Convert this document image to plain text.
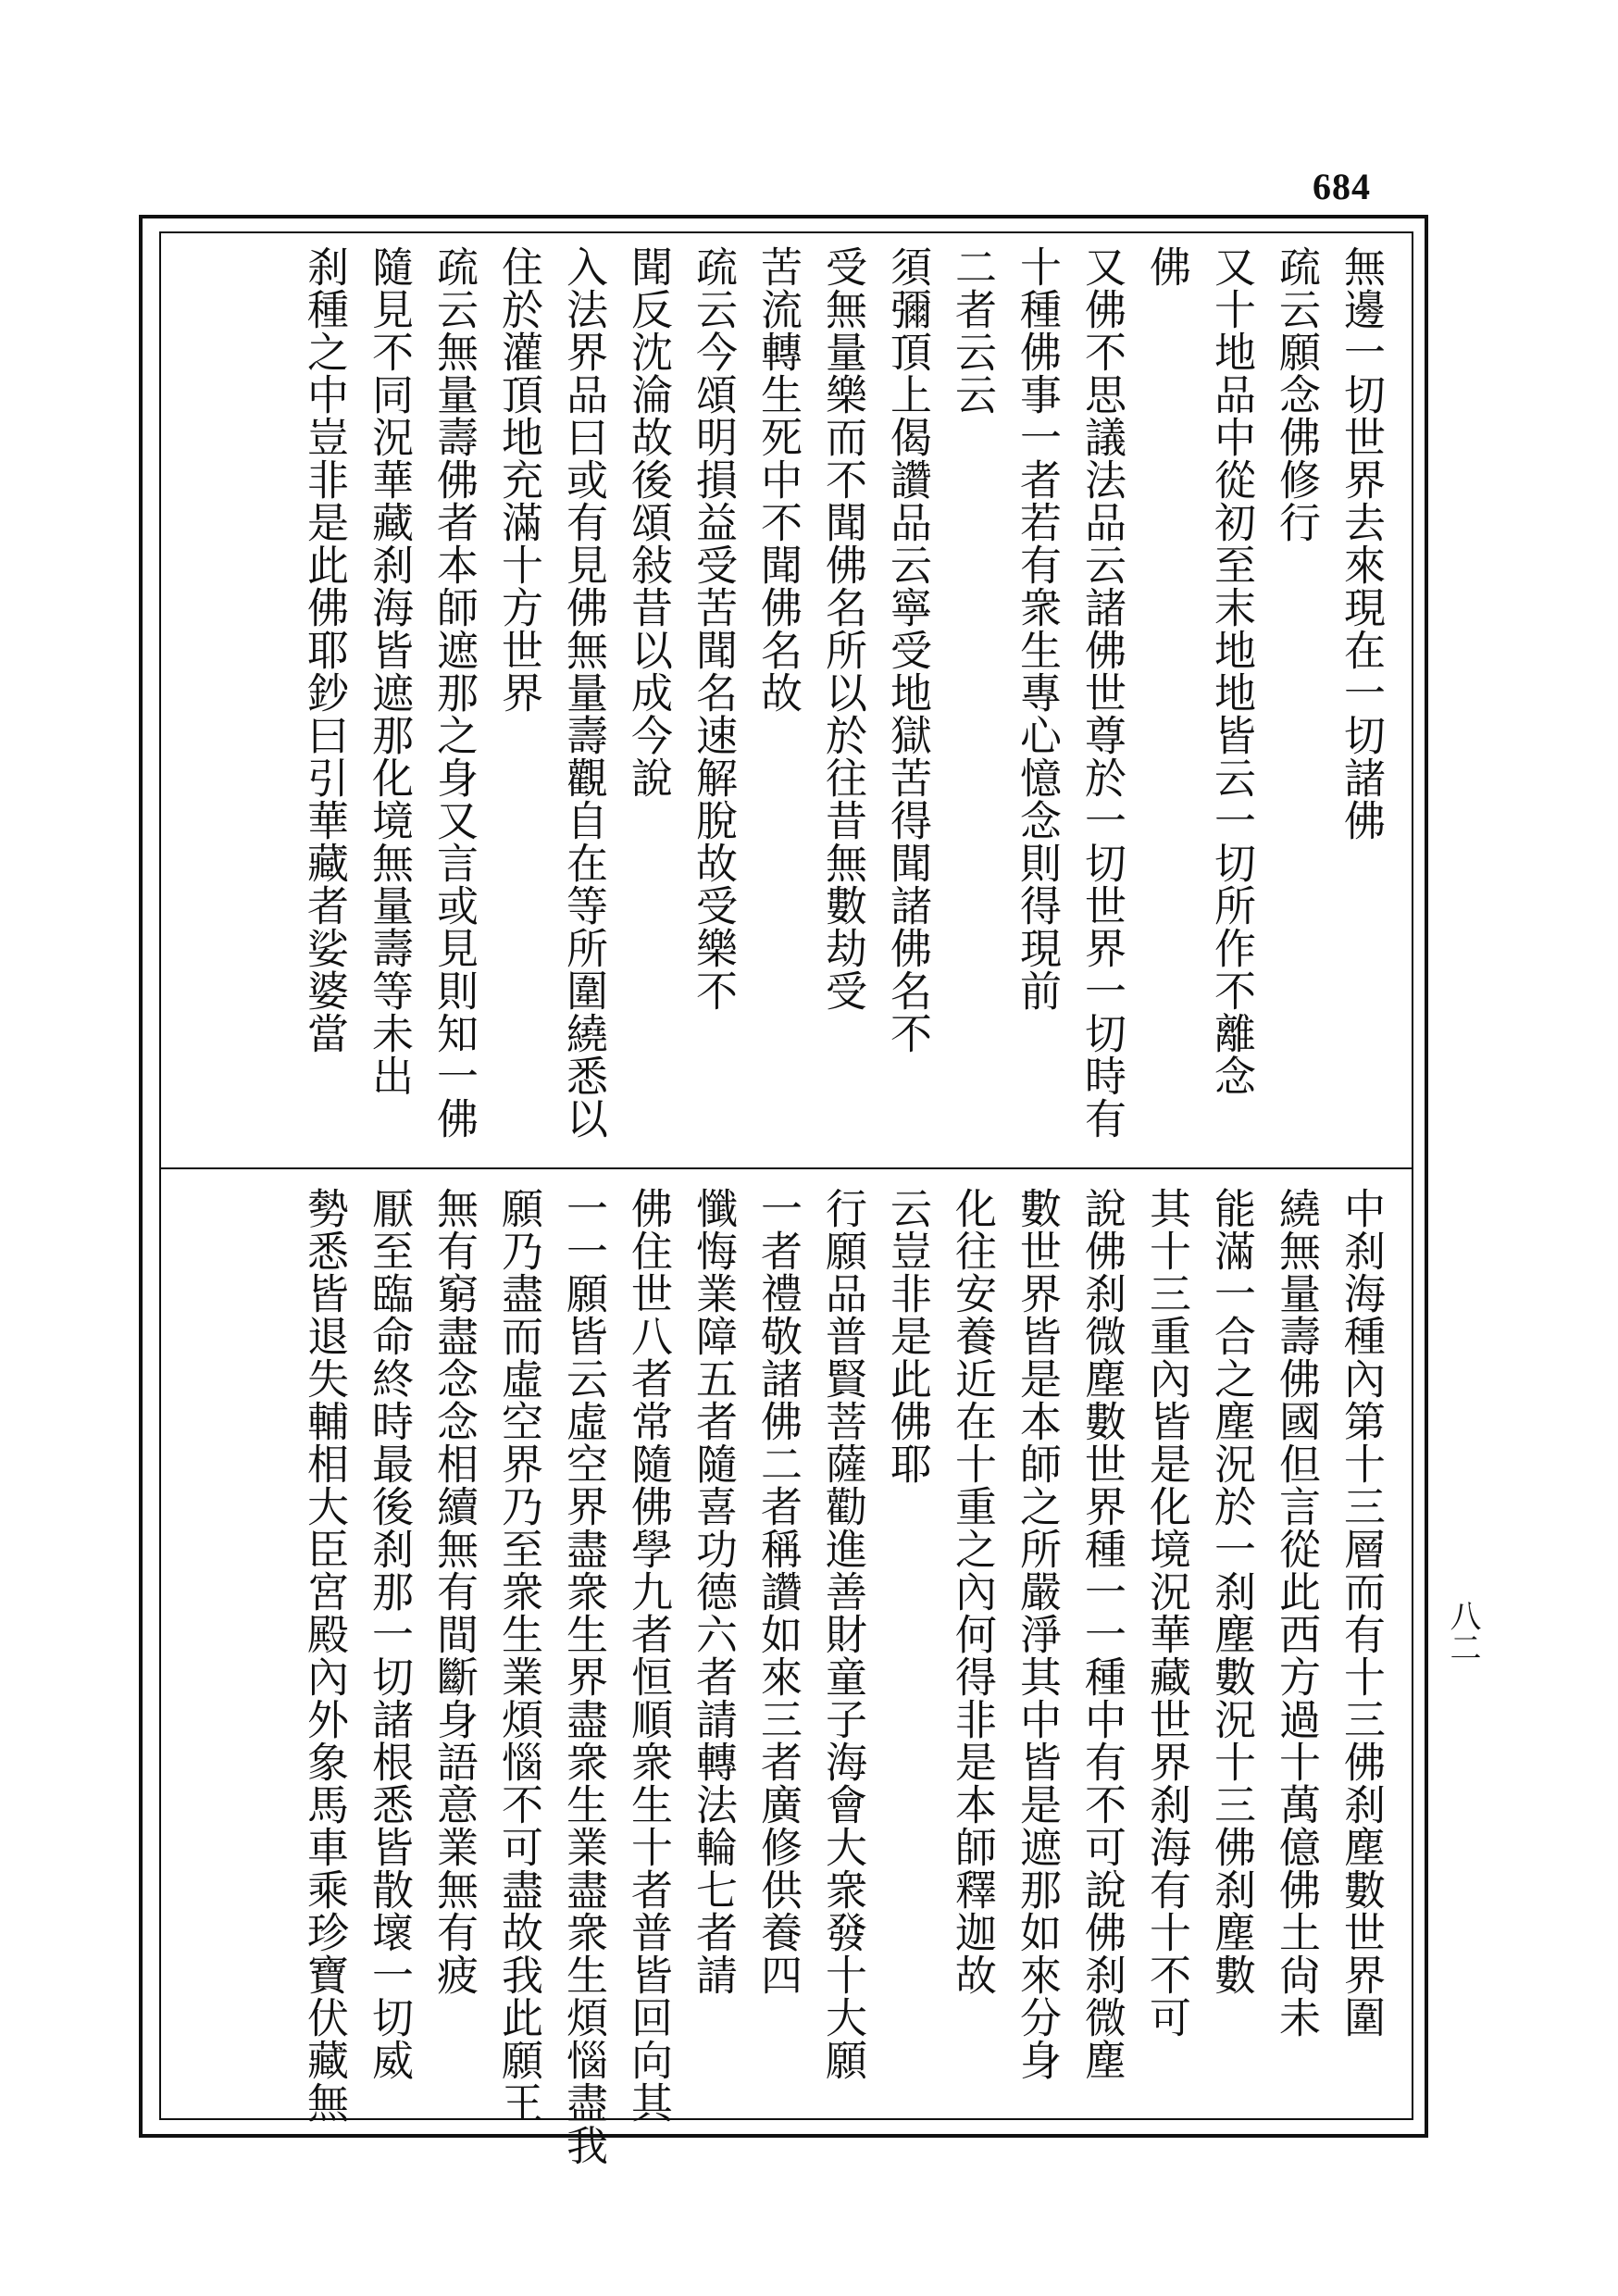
684
八二
無邊一切世界去來現在一切諸佛
疏云願念佛修行
又十地品中從初至末地地皆云一切所作不離念
佛
又佛不思議法品云諸佛世尊於一切世界一切時有
十種佛事一者若有衆生專心憶念則得現前
二者云云
須彌頂上偈讚品云寧受地獄苦得聞諸佛名不
受無量樂而不聞佛名所以於往昔無數劫受
苦流轉生死中不聞佛名故
疏云今頌明損益受苦聞名速解脫故受樂不
聞反沈淪故後頌敍昔以成今說
入法界品曰或有見佛無量壽觀自在等所圍繞悉以
住於灌頂地充滿十方世界
疏云無量壽佛者本師遮那之身又言或見則知一佛
隨見不同況華藏刹海皆遮那化境無量壽等未出
刹種之中豈非是此佛耶鈔曰引華藏者娑婆當
中刹海種內第十三層而有十三佛刹塵數世界圍
繞無量壽佛國但言從此西方過十萬億佛土尙未
能滿一合之塵況於一刹塵數況十三佛刹塵數
其十三重內皆是化境況華藏世界刹海有十不可
說佛刹微塵數世界種一一種中有不可說佛刹微塵
數世界皆是本師之所嚴淨其中皆是遮那如來分身
化往安養近在十重之內何得非是本師釋迦故
云豈非是此佛耶
行願品普賢菩薩勸進善財童子海會大衆發十大願
一者禮敬諸佛二者稱讚如來三者廣修供養四
懺悔業障五者隨喜功德六者請轉法輪七者請
佛住世八者常隨佛學九者恒順衆生十者普皆回向其
一一願皆云虛空界盡衆生界盡衆生業盡衆生煩惱盡我
願乃盡而虛空界乃至衆生業煩惱不可盡故我此願王
無有窮盡念念相續無有間斷身語意業無有疲
厭至臨命終時最後刹那一切諸根悉皆散壞一切威
勢悉皆退失輔相大臣宮殿內外象馬車乘珍寶伏藏無
